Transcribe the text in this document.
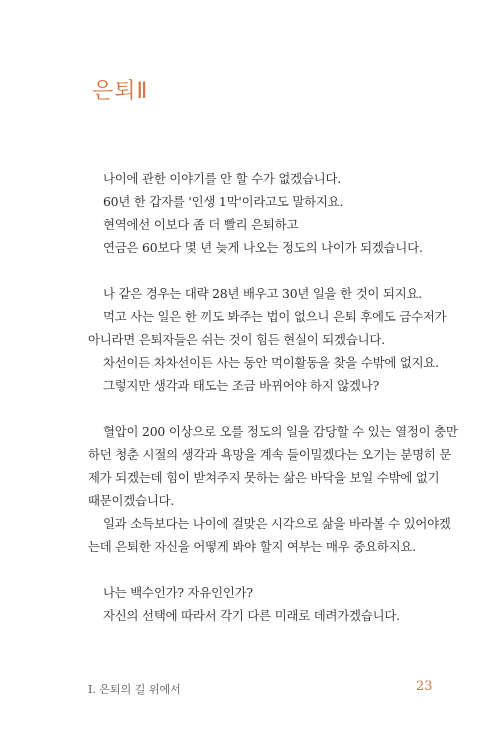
은퇴Ⅱ
나이에 관한 이야기를 안 할 수가 없겠습니다.
60년 한 갑자를 '인생 1막'이라고도 말하지요.
현역에선 이보다 좀 더 빨리 은퇴하고
연금은 60보다 몇 년 늦게 나오는 정도의 나이가 되겠습니다.
나 같은 경우는 대략 28년 배우고 30년 일을 한 것이 되지요.
먹고 사는 일은 한 끼도 봐주는 법이 없으니 은퇴 후에도 금수저가
아니라면 은퇴자들은 쉬는 것이 힘든 현실이 되겠습니다.
차선이든 차차선이든 사는 동안 먹이활동을 찾을 수밖에 없지요.
그렇지만 생각과 태도는 조금 바뀌어야 하지 않겠나?
혈압이 200 이상으로 오를 정도의 일을 감당할 수 있는 열정이 충만
하던 청춘 시절의 생각과 욕망을 계속 들이밀겠다는 오기는 분명히 문
제가 되겠는데 힘이 받쳐주지 못하는 삶은 바닥을 보일 수밖에 없기
때문이겠습니다.
일과 소득보다는 나이에 걸맞은 시각으로 삶을 바라볼 수 있어야겠
는데 은퇴한 자신을 어떻게 봐야 할지 여부는 매우 중요하지요.
나는 백수인가? 자유인인가?
자신의 선택에 따라서 각기 다른 미래로 데려가겠습니다.
Ⅰ. 은퇴의 길 위에서	23
